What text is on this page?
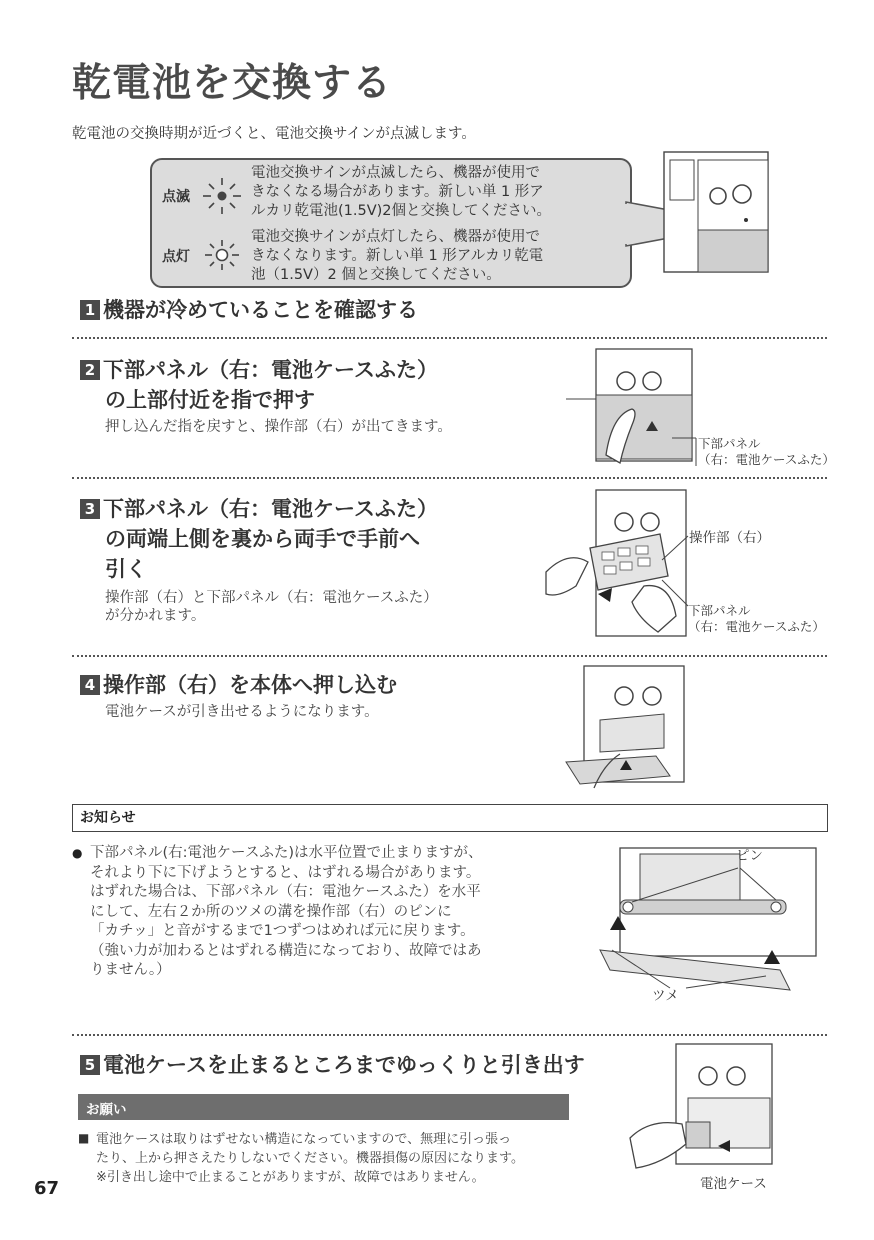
乾電池を交換する
乾電池の交換時期が近づくと、電池交換サインが点滅します。
点滅
電池交換サインが点滅したら、機器が使用で
きなくなる場合があります。新しい単 1 形ア
ルカリ乾電池(1.5V)2個と交換してください。
点灯
電池交換サインが点灯したら、機器が使用で
きなくなります。新しい単 1 形アルカリ乾電
池（1.5V）2 個と交換してください。
1 機器が冷めていることを確認する
2 下部パネル（右：電池ケースふた）
の上部付近を指で押す
押し込んだ指を戻すと、操作部（右）が出てきます。
下部パネル
（右：電池ケースふた）
3 下部パネル（右：電池ケースふた）
の両端上側を裏から両手で手前へ
引く
操作部（右）と下部パネル（右：電池ケースふた）
が分かれます。
操作部（右）
下部パネル
（右：電池ケースふた）
4 操作部（右）を本体へ押し込む
電池ケースが引き出せるようになります。
お知らせ
● 下部パネル(右:電池ケースふた)は水平位置で止まりますが、
それより下に下げようとすると、はずれる場合があります。
はずれた場合は、下部パネル（右：電池ケースふた）を水平
にして、左右２か所のツメの溝を操作部（右）のピンに
「カチッ」と音がするまで1つずつはめれば元に戻ります。
（強い力が加わるとはずれる構造になっており、故障ではあ
りません。）
ピン
ツメ
5 電池ケースを止まるところまでゆっくりと引き出す
お願い
■ 電池ケースは取りはずせない構造になっていますので、無理に引っ張っ
たり、上から押さえたりしないでください。機器損傷の原因になります。
※引き出し途中で止まることがありますが、故障ではありません。	電池ケース
67
